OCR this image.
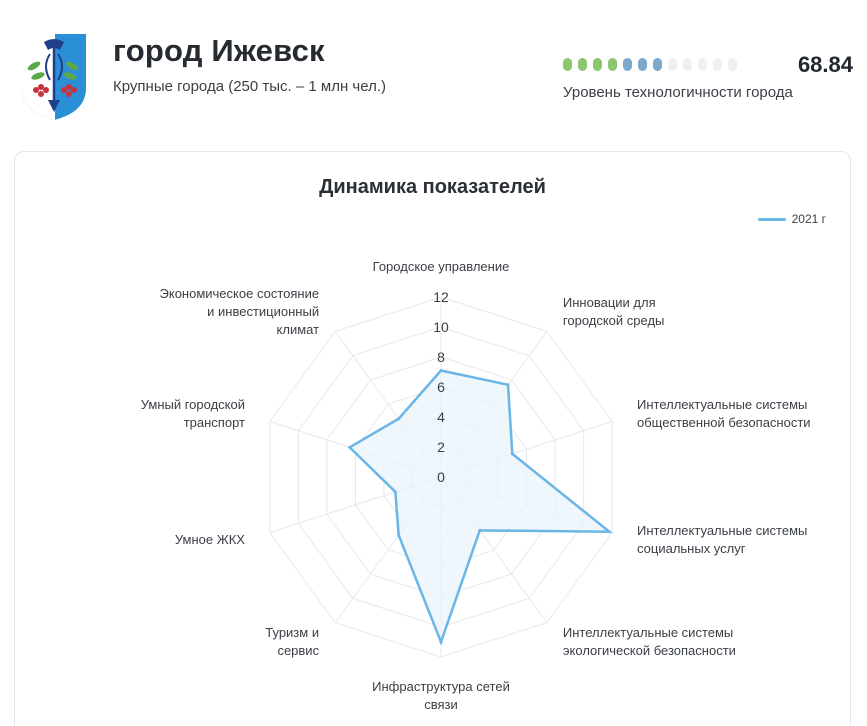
город Ижевск
Крупные города (250 тыс. – 1 млн чел.)
68.84
Уровень технологичности города
Динамика показателей
2021 г
0
2
4
6
8
10
12
Городское управление
Инновации для
городской среды
Интеллектуальные системы
общественной безопасности
Интеллектуальные системы
социальных услуг
Интеллектуальные системы
экологической безопасности
Инфраструктура сетей
связи
Туризм и
сервис
Умное ЖКХ
Умный городской
транспорт
Экономическое состояние
и инвестиционный
климат
